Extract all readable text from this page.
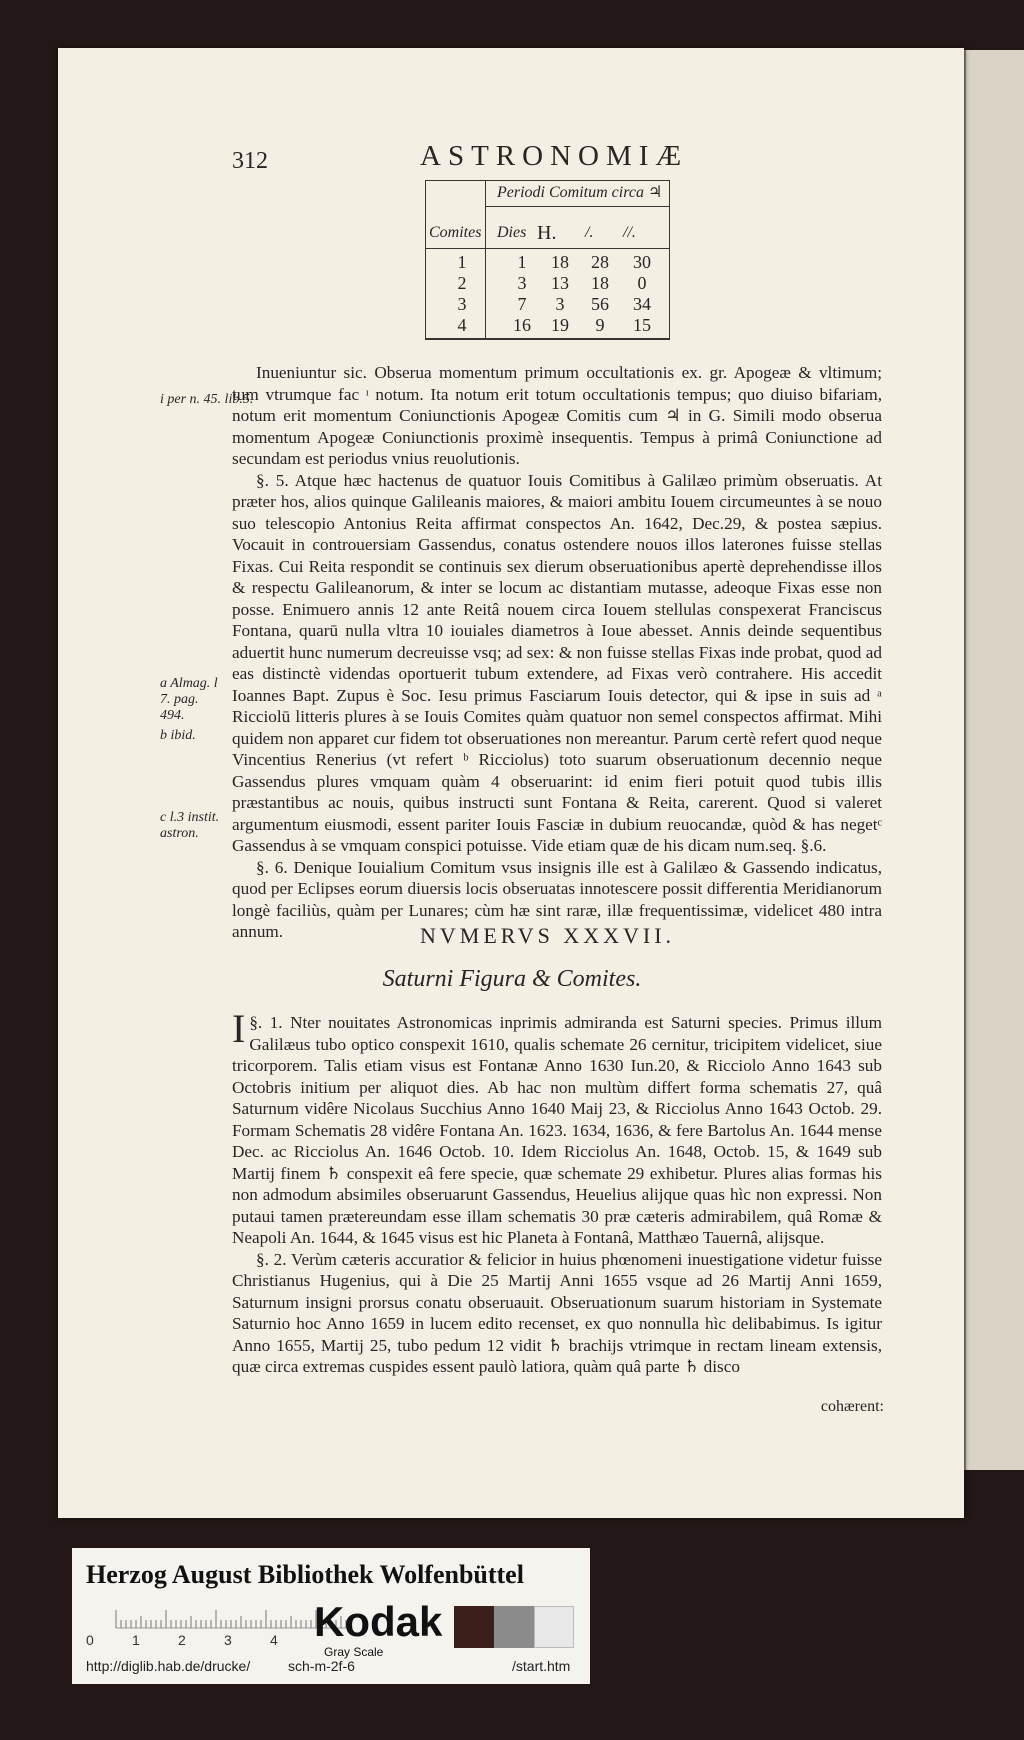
312	ASTRONOMIÆ
Periodi Comitum circa ♃
Comites Dies H. /. //.
1	1	18	28	30
2	3	13	18	0
3	7	3	56	34
4	16	19	9	15
i per n. 45. lib.5.
a Almag. l 7. pag. 494.
b ibid.
c l.3 instit. astron.

Inueniuntur sic. Obserua momentum primum occultationis ex. gr. Apogeæ & vltimum; tum vtrumque fac ᶦ notum. Ita notum erit totum occultationis tempus; quo diuiso bifariam, notum erit momentum Coniunctionis Apogeæ Comitis cum ♃ in G. Simili modo obserua momentum Apogeæ Coniunctionis proximè insequentis. Tempus à primâ Coniunctione ad secundam est periodus vnius reuolutionis.

§. 5. Atque hæc hactenus de quatuor Iouis Comitibus à Galilæo primùm obseruatis. At præter hos, alios quinque Galileanis maiores, & maiori ambitu Iouem circumeuntes à se nouo suo telescopio Antonius Reita affirmat conspectos An. 1642, Dec.29, & postea sæpius. Vocauit in controuersiam Gassendus, conatus ostendere nouos illos laterones fuisse stellas Fixas. Cui Reita respondit se continuis sex dierum obseruationibus apertè deprehendisse illos & respectu Galileanorum, & inter se locum ac distantiam mutasse, adeoque Fixas esse non posse. Enimuero annis 12 ante Reitâ nouem circa Iouem stellulas conspexerat Franciscus Fontana, quarū nulla vltra 10 iouiales diametros à Ioue abesset. Annis deinde sequentibus aduertit hunc numerum decreuisse vsq; ad sex: & non fuisse stellas Fixas inde probat, quod ad eas distinctè videndas oportuerit tubum extendere, ad Fixas verò contrahere. His accedit Ioannes Bapt. Zupus è Soc. Iesu primus Fasciarum Iouis detector, qui & ipse in suis ad ᵃ Ricciolū litteris plures à se Iouis Comites quàm quatuor non semel conspectos affirmat. Mihi quidem non apparet cur fidem tot obseruationes non mereantur. Parum certè refert quod neque Vincentius Renerius (vt refert ᵇ Ricciolus) toto suarum obseruationum decennio neque Gassendus plures vmquam quàm 4 obseruarint: id enim fieri potuit quod tubis illis præstantibus ac nouis, quibus instructi sunt Fontana & Reita, carerent. Quod si valeret argumentum eiusmodi, essent pariter Iouis Fasciæ in dubium reuocandæ, quòd & has negetᶜ Gassendus à se vmquam conspici potuisse. Vide etiam quæ de his dicam num.seq. §.6.

§. 6. Denique Iouialium Comitum vsus insignis ille est à Galilæo & Gassendo indicatus, quod per Eclipses eorum diuersis locis obseruatas innotescere possit differentia Meridianorum longè faciliùs, quàm per Lunares; cùm hæ sint raræ, illæ frequentissimæ, videlicet 480 intra annum.	NVMERVS XXXVII.
Saturni Figura & Comites.

I §. 1. Nter nouitates Astronomicas inprimis admiranda est Saturni species. Primus illum Galilæus tubo optico conspexit 1610, qualis schemate 26 cernitur, tricipitem videlicet, siue tricorporem. Talis etiam visus est Fontanæ Anno 1630 Iun.20, & Ricciolo Anno 1643 sub Octobris initium per aliquot dies. Ab hac non multùm differt forma schematis 27, quâ Saturnum vidêre Nicolaus Succhius Anno 1640 Maij 23, & Ricciolus Anno 1643 Octob. 29. Formam Schematis 28 vidêre Fontana An. 1623. 1634, 1636, & fere Bartolus An. 1644 mense Dec. ac Ricciolus An. 1646 Octob. 10. Idem Ricciolus An. 1648, Octob. 15, & 1649 sub Martij finem ♄ conspexit eâ fere specie, quæ schemate 29 exhibetur. Plures alias formas his non admodum absimiles obseruarunt Gassendus, Heuelius alijque quas hìc non expressi. Non putaui tamen prætereundam esse illam schematis 30 præ cæteris admirabilem, quâ Romæ & Neapoli An. 1644, & 1645 visus est hic Planeta à Fontanâ, Matthæo Tauernâ, alijsque.

§. 2. Verùm cæteris accuratior & felicior in huius phœnomeni inuestigatione videtur fuisse Christianus Hugenius, qui à Die 25 Martij Anni 1655 vsque ad 26 Martij Anni 1659, Saturnum insigni prorsus conatu obseruauit. Obseruationum suarum historiam in Systemate Saturnio hoc Anno 1659 in lucem edito recenset, ex quo nonnulla hìc delibabimus. Is igitur Anno 1655, Martij 25, tubo pedum 12 vidit ♄ brachijs vtrimque in rectam lineam extensis, quæ circa extremas cuspides essent paulò latiora, quàm quâ parte ♄ disco

cohærent:
Herzog August Bibliothek Wolfenbüttel
0	1	2	3	4 Kodak
Gray Scale
http://diglib.hab.de/drucke/	sch-m-2f-6	/start.htm
